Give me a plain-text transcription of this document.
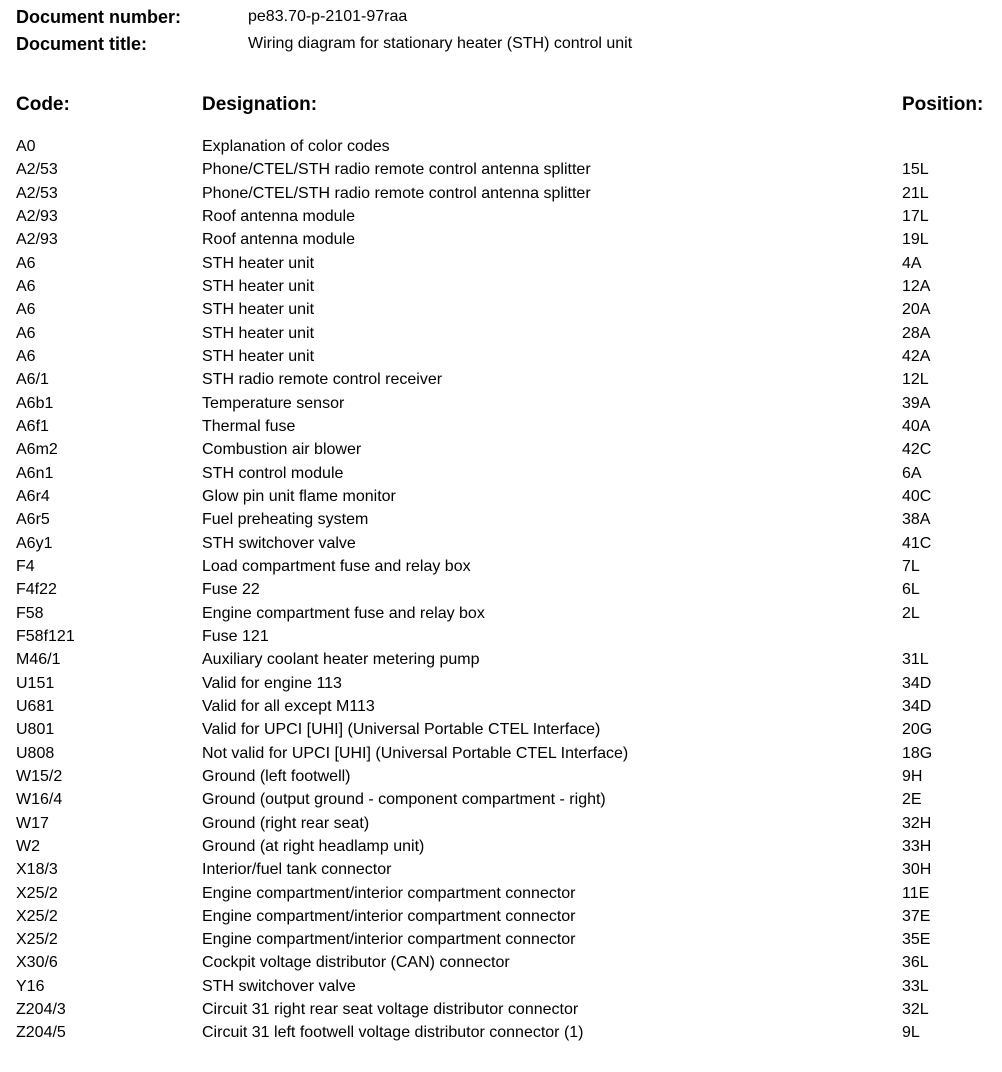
Document number:	pe83.70-p-2101-97raa
Document title:	Wiring diagram for stationary heater (STH) control unit
Code:	Designation:	Position:
A0	Explanation of color codes
A2/53	Phone/CTEL/STH radio remote control antenna splitter	15L
A2/53	Phone/CTEL/STH radio remote control antenna splitter	21L
A2/93	Roof antenna module	17L
A2/93	Roof antenna module	19L
A6	STH heater unit	4A
A6	STH heater unit	12A
A6	STH heater unit	20A
A6	STH heater unit	28A
A6	STH heater unit	42A
A6/1	STH radio remote control receiver	12L
A6b1	Temperature sensor	39A
A6f1	Thermal fuse	40A
A6m2	Combustion air blower	42C
A6n1	STH control module	6A
A6r4	Glow pin unit flame monitor	40C
A6r5	Fuel preheating system	38A
A6y1	STH switchover valve	41C
F4	Load compartment fuse and relay box	7L
F4f22	Fuse 22	6L
F58	Engine compartment fuse and relay box	2L
F58f121	Fuse 121
M46/1	Auxiliary coolant heater metering pump	31L
U151	Valid for engine 113	34D
U681	Valid for all except M113	34D
U801	Valid for UPCI [UHI] (Universal Portable CTEL Interface)	20G
U808	Not valid for UPCI [UHI] (Universal Portable CTEL Interface)	18G
W15/2	Ground (left footwell)	9H
W16/4	Ground (output ground - component compartment - right)	2E
W17	Ground (right rear seat)	32H
W2	Ground (at right headlamp unit)	33H
X18/3	Interior/fuel tank connector	30H
X25/2	Engine compartment/interior compartment connector	11E
X25/2	Engine compartment/interior compartment connector	37E
X25/2	Engine compartment/interior compartment connector	35E
X30/6	Cockpit voltage distributor (CAN) connector	36L
Y16	STH switchover valve	33L
Z204/3	Circuit 31 right rear seat voltage distributor connector	32L
Z204/5	Circuit 31 left footwell voltage distributor connector (1)	9L
